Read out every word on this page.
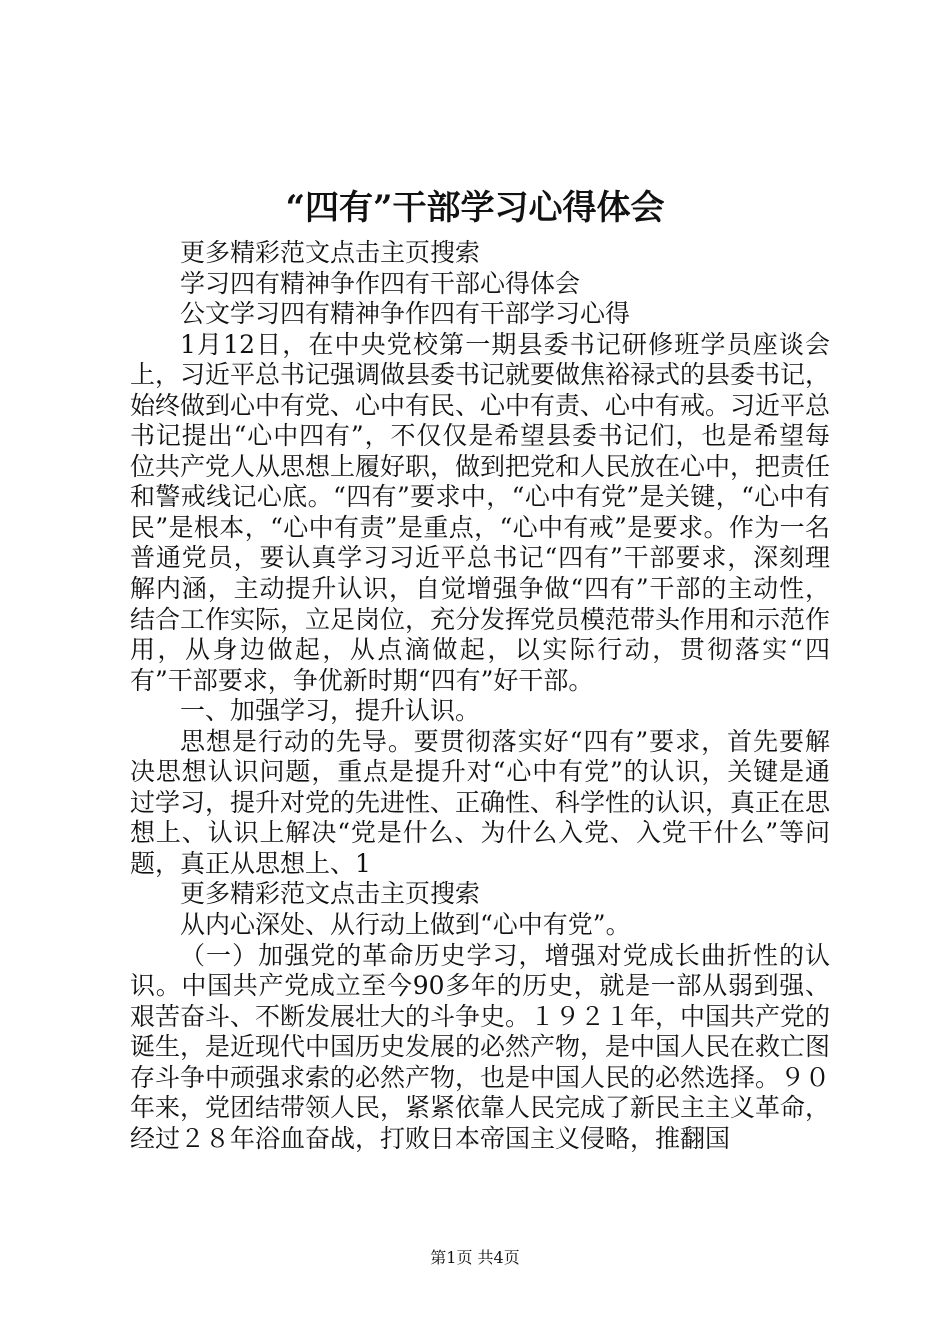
“四有”干部学习心得体会

更多精彩范文点击主页搜索

学习四有精神争作四有干部心得体会

公文学习四有精神争作四有干部学习心得

1月12日，在中央党校第一期县委书记研修班学员座谈会上，习近平总书记强调做县委书记就要做焦裕禄式的县委书记，始终做到心中有党、心中有民、心中有责、心中有戒。习近平总书记提出“心中四有”，不仅仅是希望县委书记们，也是希望每位共产党人从思想上履好职，做到把党和人民放在心中，把责任和警戒线记心底。“四有”要求中，“心中有党”是关键，“心中有民”是根本，“心中有责”是重点，“心中有戒”是要求。作为一名普通党员，要认真学习习近平总书记“四有”干部要求，深刻理解内涵，主动提升认识，自觉增强争做“四有”干部的主动性，结合工作实际，立足岗位，充分发挥党员模范带头作用和示范作用，从身边做起，从点滴做起，以实际行动，贯彻落实“四有”干部要求，争优新时期“四有”好干部。

一、加强学习，提升认识。

思想是行动的先导。要贯彻落实好“四有”要求，首先要解决思想认识问题，重点是提升对“心中有党”的认识，关键是通过学习，提升对党的先进性、正确性、科学性的认识，真正在思想上、认识上解决“党是什么、为什么入党、入党干什么”等问题，真正从思想上、1

更多精彩范文点击主页搜索

从内心深处、从行动上做到“心中有党”。

（一）加强党的革命历史学习，增强对党成长曲折性的认识。中国共产党成立至今90多年的历史，就是一部从弱到强、艰苦奋斗、不断发展壮大的斗争史。１９２１年，中国共产党的诞生，是近现代中国历史发展的必然产物，是中国人民在救亡图存斗争中顽强求索的必然产物，也是中国人民的必然选择。９０年来，党团结带领人民，紧紧依靠人民完成了新民主主义革命，经过２８年浴血奋战，打败日本帝国主义侵略，推翻国

第1页 共4页
